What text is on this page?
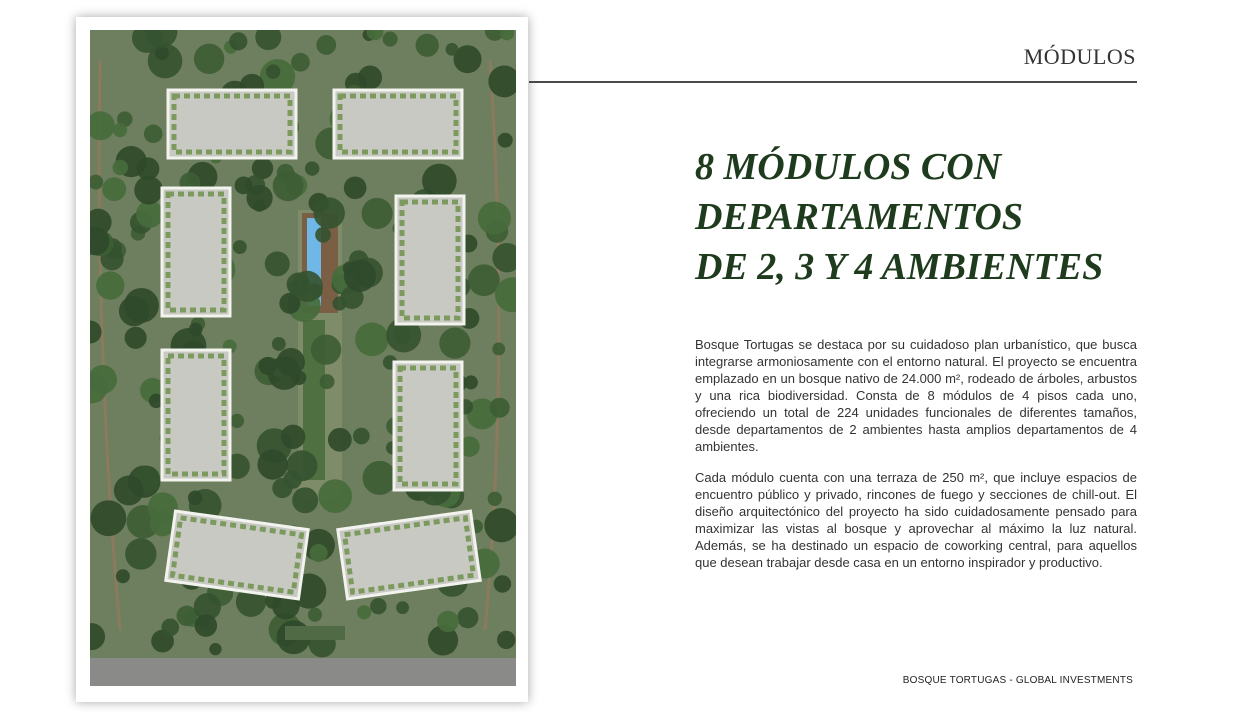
MÓDULOS
8 MÓDULOS CON
DEPARTAMENTOS
DE 2, 3 Y 4 AMBIENTES
Bosque Tortugas se destaca por su cuidadoso plan urbanístico, que busca integrarse armoniosamente con el entorno natural. El proyecto se encuentra emplazado en un bosque nativo de 24.000 m², rodeado de árboles, arbustos y una rica biodiversidad. Consta de 8 módulos de 4 pisos cada uno, ofreciendo un total de 224 unidades funcionales de diferentes tamaños, desde departamentos de 2 ambientes hasta amplios departamentos de 4 ambientes.
Cada módulo cuenta con una terraza de 250 m², que incluye espacios de encuentro público y privado, rincones de fuego y secciones de chill-out. El diseño arquitectónico del proyecto ha sido cuidadosamente pensado para maximizar las vistas al bosque y aprovechar al máximo la luz natural. Además, se ha destinado un espacio de coworking central, para aquellos que desean trabajar desde casa en un entorno inspirador y productivo.
BOSQUE TORTUGAS - GLOBAL INVESTMENTS
